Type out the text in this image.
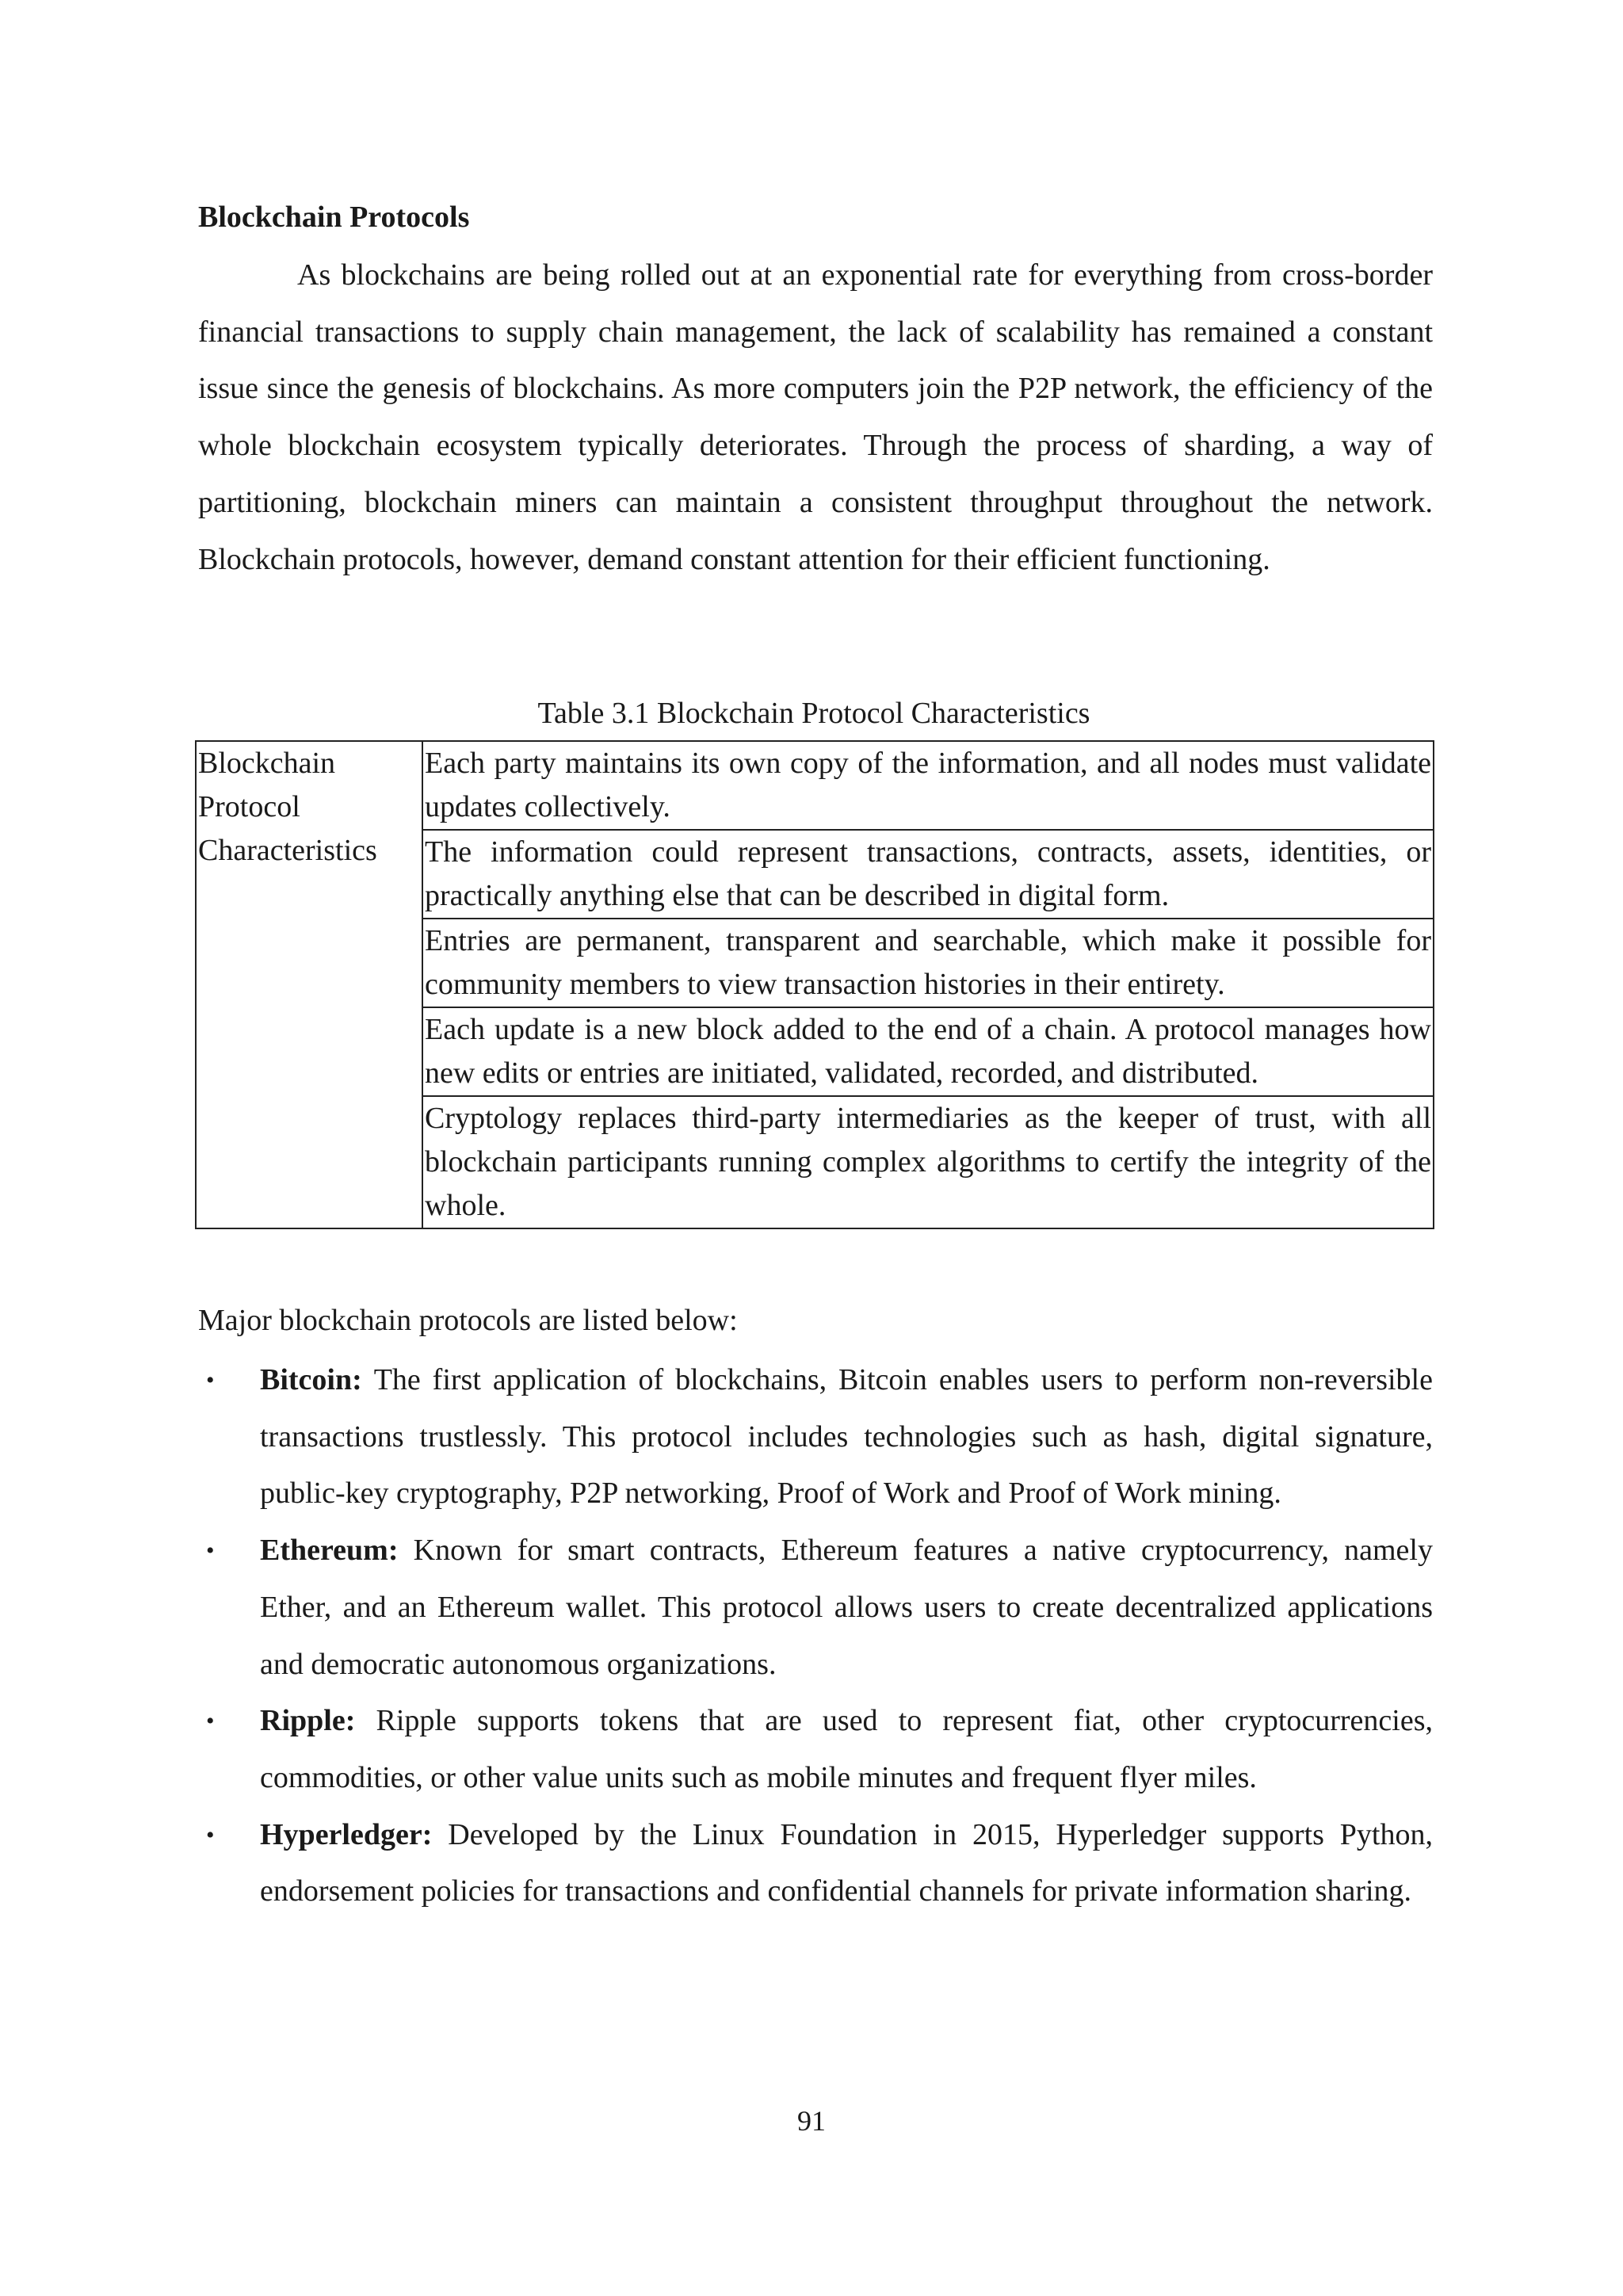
Blockchain Protocols

As blockchains are being rolled out at an exponential rate for everything from cross-border financial transactions to supply chain management, the lack of scalability has remained a constant issue since the genesis of blockchains. As more computers join the P2P network, the efficiency of the whole blockchain ecosystem typically deteriorates. Through the process of sharding, a way of partitioning, blockchain miners can maintain a consistent throughput throughout the network. Blockchain protocols, however, demand constant attention for their efficient functioning.

Table 3.1 Blockchain Protocol Characteristics

Blockchain Protocol Characteristics	Each party maintains its own copy of the information, and all nodes must validate updates collectively.
The information could represent transactions, contracts, assets, identities, or practically anything else that can be described in digital form.
Entries are permanent, transparent and searchable, which make it possible for community members to view transaction histories in their entirety.
Each update is a new block added to the end of a chain. A protocol manages how new edits or entries are initiated, validated, recorded, and distributed.
Cryptology replaces third-party intermediaries as the keeper of trust, with all blockchain participants running complex algorithms to certify the integrity of the whole.

Major blockchain protocols are listed below:

• Bitcoin: The first application of blockchains, Bitcoin enables users to perform non-reversible transactions trustlessly. This protocol includes technologies such as hash, digital signature, public-key cryptography, P2P networking, Proof of Work and Proof of Work mining.
• Ethereum: Known for smart contracts, Ethereum features a native cryptocurrency, namely Ether, and an Ethereum wallet. This protocol allows users to create decentralized applications and democratic autonomous organizations.
• Ripple: Ripple supports tokens that are used to represent fiat, other cryptocurrencies, commodities, or other value units such as mobile minutes and frequent flyer miles.
• Hyperledger: Developed by the Linux Foundation in 2015, Hyperledger supports Python, endorsement policies for transactions and confidential channels for private information sharing.

91
